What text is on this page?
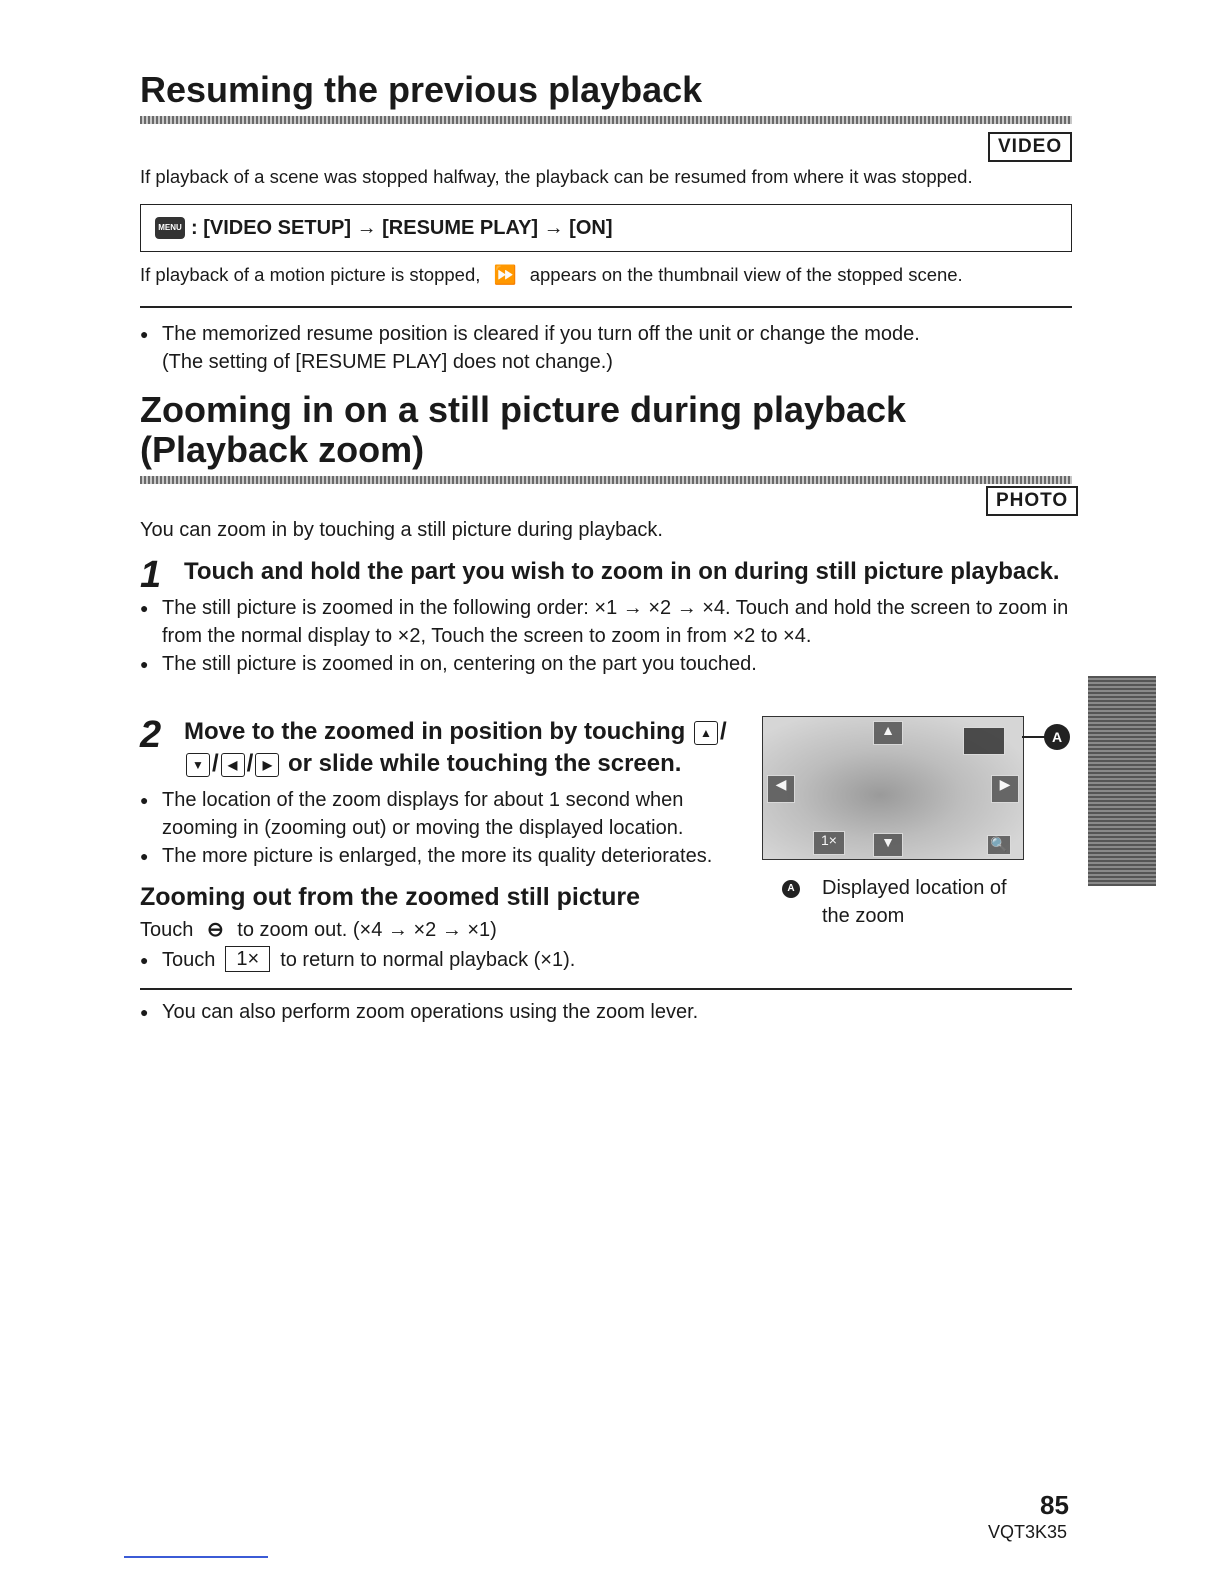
Resuming the previous playback
VIDEO

If playback of a scene was stopped halfway, the playback can be resumed from where it was stopped.

MENU : [VIDEO SETUP] → [RESUME PLAY] → [ON]

If playback of a motion picture is stopped, ⏩ appears on the thumbnail view of the stopped scene.

● The memorized resume position is cleared if you turn off the unit or change the mode.
(The setting of [RESUME PLAY] does not change.)
Zooming in on a still picture during playback
(Playback zoom)
PHOTO

You can zoom in by touching a still picture during playback.

1 Touch and hold the part you wish to zoom in on during still picture playback.
● The still picture is zoomed in the following order: ×1 → ×2 → ×4. Touch and hold the screen to zoom in from the normal display to ×2, Touch the screen to zoom in from ×2 to ×4.
● The still picture is zoomed in on, centering on the part you touched.
2 Move to the zoomed in position by touching ▲ / ▼ / ◀ / ▶ or slide while touching the screen.
● The location of the zoom displays for about 1 second when zooming in (zooming out) or moving the displayed location.
● The more picture is enlarged, the more its quality deteriorates.
▲
▼
◀	▶
1×	🔍
A
A Displayed location of
the zoom
Zooming out from the zoomed still picture
Touch ⊖ to zoom out. (×4 → ×2 → ×1)
● Touch	1×	to return to normal playback (×1).
● You can also perform zoom operations using the zoom lever.
85
VQT3K35
